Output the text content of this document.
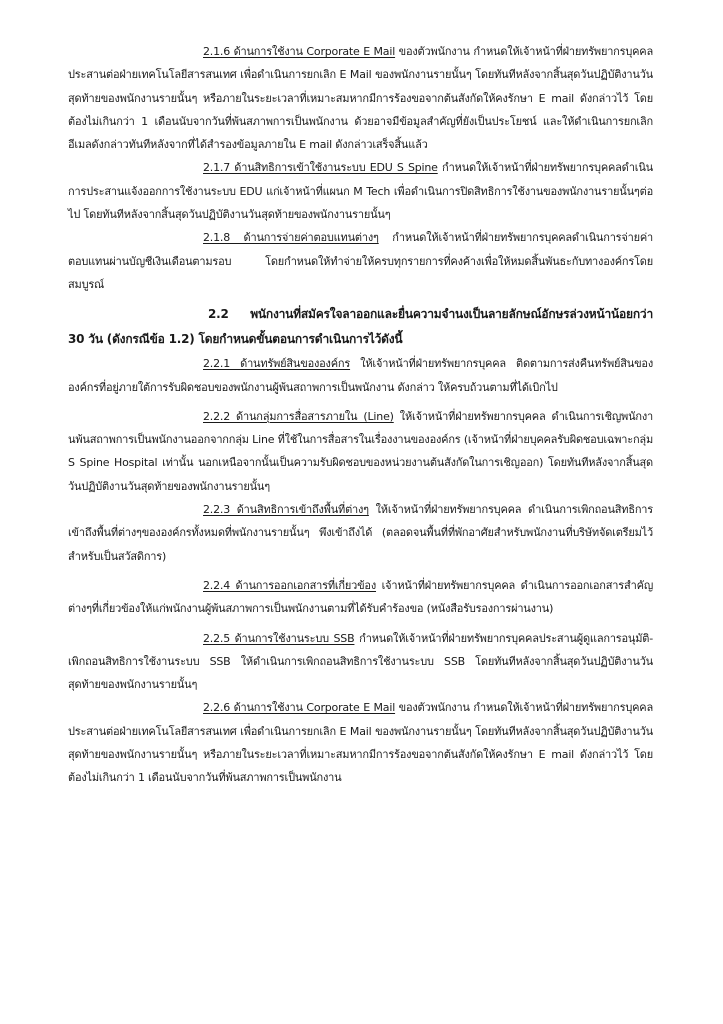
2.1.6 ด้านการใช้งาน Corporate E Mail ของตัวพนักงาน กำหนดให้เจ้าหน้าที่ฝ่ายทรัพยากรบุคคล ประสานต่อฝ่ายเทคโนโลยีสารสนเทศ เพื่อดำเนินการยกเลิก E Mail ของพนักงานรายนั้นๆ โดยทันทีหลังจากสิ้นสุดวันปฏิบัติงานวันสุดท้ายของพนักงานรายนั้นๆ หรือภายในระยะเวลาที่เหมาะสมหากมีการร้องขอจากต้นสังกัดให้คงรักษา E mail ดังกล่าวไว้ โดยต้องไม่เกินกว่า 1 เดือนนับจากวันที่พ้นสภาพการเป็นพนักงาน ด้วยอาจมีข้อมูลสำคัญที่ยังเป็นประโยชน์ และให้ดำเนินการยกเลิกอีเมลดังกล่าวทันทีหลังจากที่ได้สำรองข้อมูลภายใน E mail ดังกล่าวเสร็จสิ้นแล้ว

2.1.7 ด้านสิทธิการเข้าใช้งานระบบ EDU S Spine กำหนดให้เจ้าหน้าที่ฝ่ายทรัพยากรบุคคลดำเนินการประสานแจ้งออกการใช้งานระบบ EDU แก่เจ้าหน้าที่แผนก M Tech เพื่อดำเนินการปิดสิทธิการใช้งานของพนักงานรายนั้นๆต่อไป โดยทันทีหลังจากสิ้นสุดวันปฏิบัติงานวันสุดท้ายของพนักงานรายนั้นๆ

2.1.8 ด้านการจ่ายค่าตอบแทนต่างๆ กำหนดให้เจ้าหน้าที่ฝ่ายทรัพยากรบุคคลดำเนินการจ่ายค่าตอบแทนผ่านบัญชีเงินเดือนตามรอบ โดยกำหนดให้ทำจ่ายให้ครบทุกรายการที่คงค้างเพื่อให้หมดสิ้นพันธะกับทางองค์กรโดยสมบูรณ์

2.2 พนักงานที่สมัครใจลาออกและยื่นความจำนงเป็นลายลักษณ์อักษรล่วงหน้าน้อยกว่า 30 วัน (ดังกรณีข้อ 1.2) โดยกำหนดขั้นตอนการดำเนินการไว้ดังนี้

2.2.1 ด้านทรัพย์สินขององค์กร ให้เจ้าหน้าที่ฝ่ายทรัพยากรบุคคล ติดตามการส่งคืนทรัพย์สินขององค์กรที่อยู่ภายใต้การรับผิดชอบของพนักงานผู้พ้นสถาพการเป็นพนักงาน ดังกล่าว ให้ครบถ้วนตามที่ได้เบิกไป

2.2.2 ด้านกลุ่มการสื่อสารภายใน (Line) ให้เจ้าหน้าที่ฝ่ายทรัพยากรบุคคล ดำเนินการเชิญพนักงานพ้นสถาพการเป็นพนักงานออกจากกลุ่ม Line ที่ใช้ในการสื่อสารในเรื่องงานขององค์กร (เจ้าหน้าที่ฝ่ายบุคคลรับผิดชอบเฉพาะกลุ่ม S Spine Hospital เท่านั้น นอกเหนือจากนั้นเป็นความรับผิดชอบของหน่วยงานต้นสังกัดในการเชิญออก) โดยทันทีหลังจากสิ้นสุดวันปฏิบัติงานวันสุดท้ายของพนักงานรายนั้นๆ

2.2.3 ด้านสิทธิการเข้าถึงพื้นที่ต่างๆ ให้เจ้าหน้าที่ฝ่ายทรัพยากรบุคคล ดำเนินการเพิกถอนสิทธิการเข้าถึงพื้นที่ต่างๆขององค์กรทั้งหมดที่พนักงานรายนั้นๆ พึงเข้าถึงได้ (ตลอดจนพื้นที่ที่พักอาศัยสำหรับพนักงานที่บริษัทจัดเตรียมไว้สำหรับเป็นสวัสดิการ)

2.2.4 ด้านการออกเอกสารที่เกี่ยวข้อง เจ้าหน้าที่ฝ่ายทรัพยากรบุคคล ดำเนินการออกเอกสารสำคัญต่างๆที่เกี่ยวข้องให้แก่พนักงานผู้พ้นสภาพการเป็นพนักงานตามที่ได้รับคำร้องขอ (หนังสือรับรองการผ่านงาน)

2.2.5 ด้านการใช้งานระบบ SSB กำหนดให้เจ้าหน้าที่ฝ่ายทรัพยากรบุคคลประสานผู้ดูแลการอนุมัติ-เพิกถอนสิทธิการใช้งานระบบ SSB ให้ดำเนินการเพิกถอนสิทธิการใช้งานระบบ SSB โดยทันทีหลังจากสิ้นสุดวันปฏิบัติงานวันสุดท้ายของพนักงานรายนั้นๆ

2.2.6 ด้านการใช้งาน Corporate E Mail ของตัวพนักงาน กำหนดให้เจ้าหน้าที่ฝ่ายทรัพยากรบุคคล ประสานต่อฝ่ายเทคโนโลยีสารสนเทศ เพื่อดำเนินการยกเลิก E Mail ของพนักงานรายนั้นๆ โดยทันทีหลังจากสิ้นสุดวันปฏิบัติงานวันสุดท้ายของพนักงานรายนั้นๆ หรือภายในระยะเวลาที่เหมาะสมหากมีการร้องขอจากต้นสังกัดให้คงรักษา E mail ดังกล่าวไว้ โดยต้องไม่เกินกว่า 1 เดือนนับจากวันที่พ้นสภาพการเป็นพนักงาน
